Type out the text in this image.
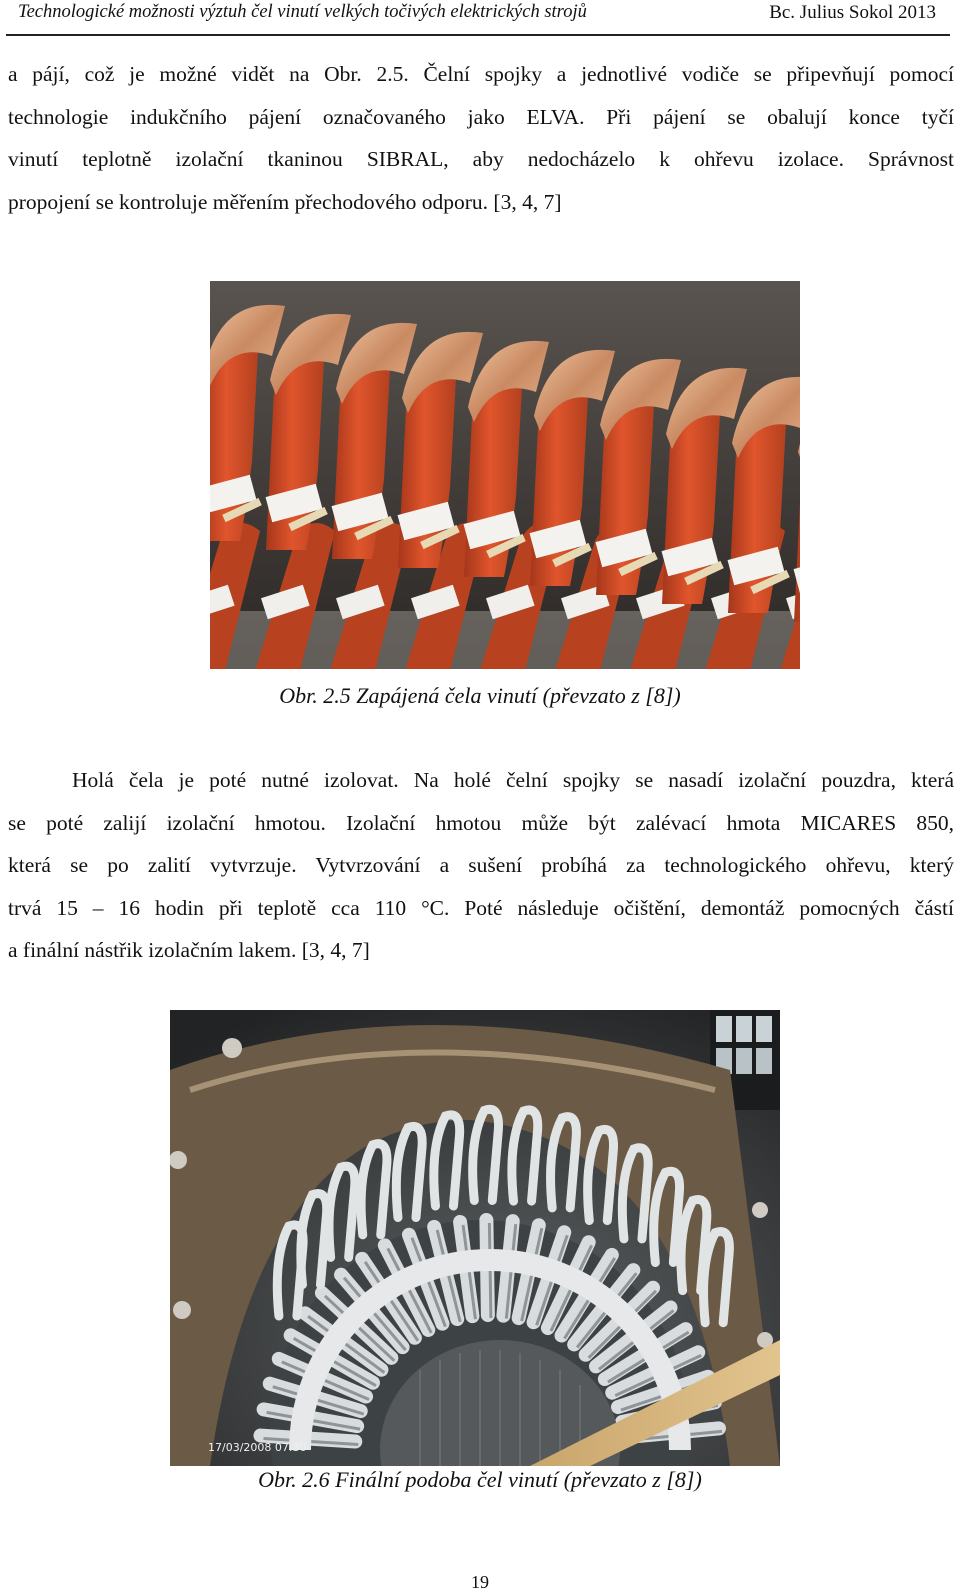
Technologické možnosti výztuh čel vinutí velkých točivých elektrických strojů	Bc. Julius Sokol 2013
a pájí, což je možné vidět na Obr. 2.5. Čelní spojky a jednotlivé vodiče se připevňují pomocí
technologie indukčního pájení označovaného jako ELVA. Při pájení se obalují konce tyčí
vinutí teplotně izolační tkaninou SIBRAL, aby nedocházelo k ohřevu izolace. Správnost
propojení se kontroluje měřením přechodového odporu. [3, 4, 7]
Obr. 2.5 Zapájená čela vinutí (převzato z [8])
Holá čela je poté nutné izolovat. Na holé čelní spojky se nasadí izolační pouzdra, která
se poté zalijí izolační hmotou. Izolační hmotou může být zalévací hmota MICARES 850,
která se po zalití vytvrzuje. Vytvrzování a sušení probíhá za technologického ohřevu, který
trvá 15 – 16 hodin při teplotě cca 110 °C. Poté následuje očištění, demontáž pomocných částí
a finální nástřik izolačním lakem. [3, 4, 7]
17/03/2008 07:30
Obr. 2.6 Finální podoba čel vinutí (převzato z [8])
19
